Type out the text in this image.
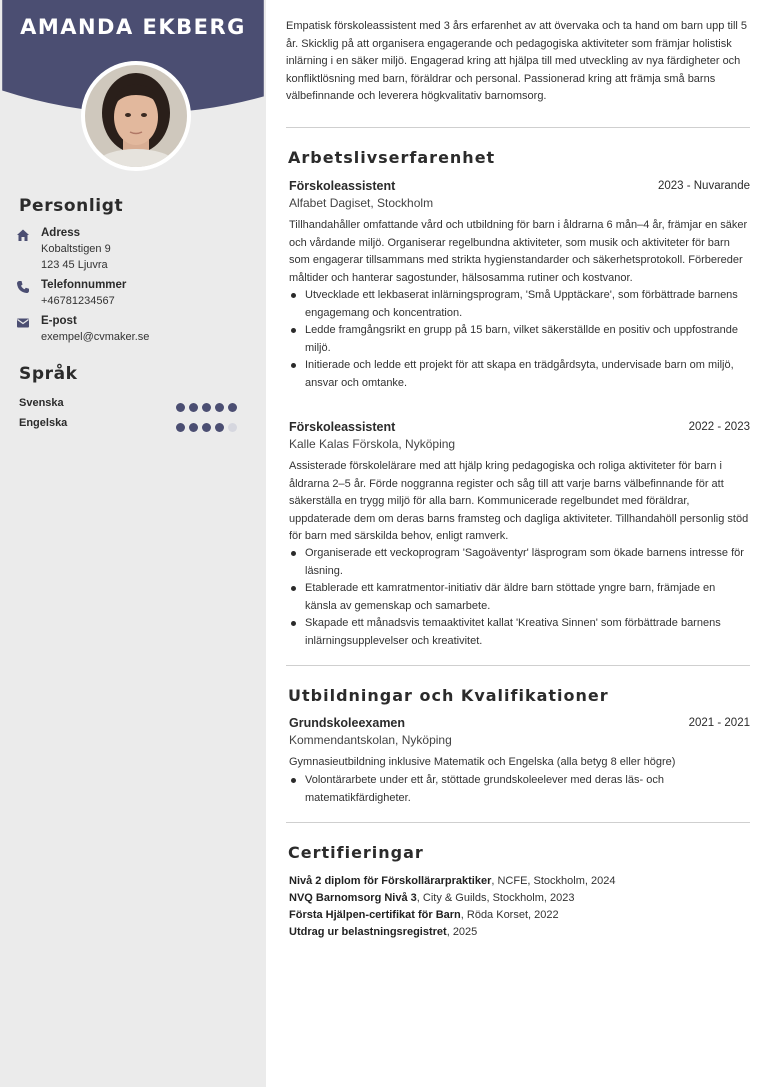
AMANDA EKBERG
Personligt
Adress
Kobaltstigen 9
123 45 Ljuvra
Telefonnummer
+46781234567
E-post
exempel@cvmaker.se
Språk
Svenska
Engelska
Empatisk förskoleassistent med 3 års erfarenhet av att övervaka och ta hand om barn upp till 5 år. Skicklig på att organisera engagerande och pedagogiska aktiviteter som främjar holistisk inlärning i en säker miljö. Engagerad kring att hjälpa till med utveckling av nya färdigheter och konfliktlösning med barn, föräldrar och personal. Passionerad kring att främja små barns välbefinnande och leverera högkvalitativ barnomsorg.
Arbetslivserfarenhet
Förskoleassistent	2023 - Nuvarande
Alfabet Dagiset, Stockholm
Tillhandahåller omfattande vård och utbildning för barn i åldrarna 6 mån–4 år, främjar en säker och vårdande miljö. Organiserar regelbundna aktiviteter, som musik och aktiviteter för barn som engagerar tillsammans med strikta hygienstandarder och säkerhetsprotokoll. Förbereder måltider och hanterar sagostunder, hälsosamma rutiner och kostvanor.
Utvecklade ett lekbaserat inlärningsprogram, 'Små Upptäckare', som förbättrade barnens engagemang och koncentration.
Ledde framgångsrikt en grupp på 15 barn, vilket säkerställde en positiv och uppfostrande miljö.
Initierade och ledde ett projekt för att skapa en trädgårdsyta, undervisade barn om miljö, ansvar och omtanke.
Förskoleassistent	2022 - 2023
Kalle Kalas Förskola, Nyköping
Assisterade förskolelärare med att hjälp kring pedagogiska och roliga aktiviteter för barn i åldrarna 2–5 år. Förde noggranna register och såg till att varje barns välbefinnande för att säkerställa en trygg miljö för alla barn. Kommunicerade regelbundet med föräldrar, uppdaterade dem om deras barns framsteg och dagliga aktiviteter. Tillhandahöll personlig stöd för barn med särskilda behov, enligt ramverk.
Organiserade ett veckoprogram 'Sagoäventyr' läsprogram som ökade barnens intresse för läsning.
Etablerade ett kamratmentor-initiativ där äldre barn stöttade yngre barn, främjade en känsla av gemenskap och samarbete.
Skapade ett månadsvis temaaktivitet kallat 'Kreativa Sinnen' som förbättrade barnens inlärningsupplevelser och kreativitet.
Utbildningar och Kvalifikationer
Grundskoleexamen	2021 - 2021
Kommendantskolan, Nyköping
Gymnasieutbildning inklusive Matematik och Engelska (alla betyg 8 eller högre)
Volontärarbete under ett år, stöttade grundskoleelever med deras läs- och matematikfärdigheter.
Certifieringar
Nivå 2 diplom för Förskollärarpraktiker, NCFE, Stockholm, 2024
NVQ Barnomsorg Nivå 3, City & Guilds, Stockholm, 2023
Första Hjälpen-certifikat för Barn, Röda Korset, 2022
Utdrag ur belastningsregistret, 2025
